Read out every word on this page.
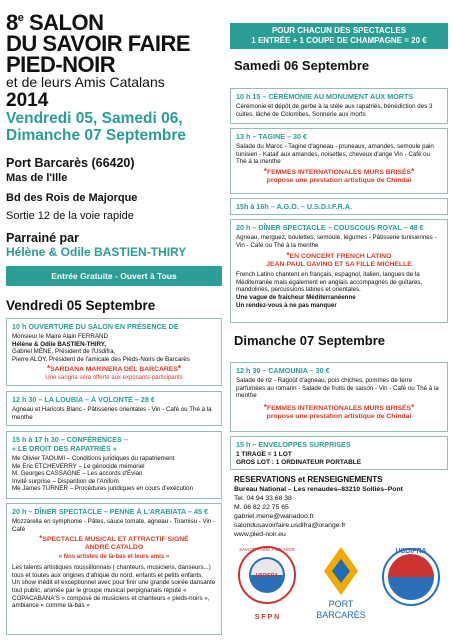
8e SALON
DU SAVOIR FAIRE
PIED-NOIR
et de leurs Amis Catalans
2014
Vendredi 05, Samedi 06,
Dimanche 07 Septembre
Port Barcarès (66420)
Mas de l'Ille
Bd des Rois de Majorque
Sortie 12 de la voie rapide
Parrainé par
Hélène & Odile BASTIEN-THIRY
Entrée Gratuite - Ouvert à Tous
Vendredi 05 Septembre
10 h OUVERTURE DU SALON EN PRÉSENCE DE
Monsieur le Maire Alain FERRAND
Hélène & Odile BASTIEN-THIRY,
Gabriel MÈNE, Président de l'Usdifra,
Pierre ALOY, Président de l'amicale des Pieds-Noirs de Barcarès
*SARDANA MARINERA DEL BARCARES*
Une sangria sera offerte aux exposants-participants
12 h 30 – LA LOUBIA – À VOLONTÉ – 28 €
Agneau et Haricots Blanc - Pâtisseries orientales - Vin - Café ou Thé à la menthe
15 h à 17 h 30 – CONFÉRENCES –
« LE DROIT DES RAPATRIÉS »
Me Olivier TAOUMI – Conditions juridiques du rapatriement
Me Eric ETCHEVERRY – Le génocide mémoriel
M. Georges CASSAGNE – Les accords d'Évian
Invité surprise – Disparition de l'Anifom
Me James TURNER – Procédures juridiques en cours d'exécution
20 h – DÎNER SPECTACLE – PENNE À L'ARABIATA – 45 €
Mozzarella en symphonie - Pâtes, sauce tomate, agneau - Tiramisu - Vin - Café
*SPECTACLE MUSICAL ET ATTRACTIF SIGNÉ
ANDRÉ CATALDO
« Nos artistes de là-bas et leurs amis »
Les talents artistiques roussillonnais ( chanteurs, musiciens, danseurs...) tous et toutes aux origines d'afrique du nord, enfants et petits enfants.
Un show inédit et exceptionnel avec pour finir une grande soirée dansante tout public, animée par le groupe musical perpignanais réputé « COPACABANA'S » composé de musiciens et chanteurs « pieds-noirs », ambiance « comme là-bas »
POUR CHACUN DES SPECTACLES
1 ENTRÉE + 1 COUPE DE CHAMPAGNE = 20 €
Samedi 06 Septembre
10 h 15 – CÉRÉMONIE AU MONUMENT AUX MORTS
Cérémonie et dépôt de gerbe à la stèle aux rapatriés, bénédiction des 3 cuites, lâché de Colombes, Sonnerie aux morts
13 h – TAGINE – 30 €
Salade du Maroc - Tagine d'agneau - pruneaux, amandes, semoule pain tunisien - Kataif aux amandes, noisettes, cheveux d'ange Vin - Café ou Thé à la menthe
*FEMMES INTERNATIONALES MURS BRISÉS*
propose une prestation artistique de Chindaï
15h à 16h – A.G.O. – U.S.D.I.F.R.A.
20 h – DÎNER SPECTACLE – COUSCOUS ROYAL – 48 €
Agneau, merguez, boulettes, semoule, légumes - Pâtisserie tunisiennes - Vin - Café ou Thé à la menthe
*EN CONCERT FRENCH LATINO
JEAN-PAUL GAVINO ET SA FILLE MICHELLE
French Latino chantent en français, espagnol, italien, langues de la Méditerranée mais également en anglais accompagnés de guitares, mandolines, percussions latines et orientales.
Une vague de fraîcheur Méditerranéenne
Un rendez-vous à ne pas manquer
Dimanche 07 Septembre
12 h 30 – CAMOUNIA – 30 €
Salade de riz - Ragoût d'agneau, pois chiches, pommes de terre parfumées au romarin - Salade de fruits de saison - Vin - Café ou Thé à la menthe
*FEMMES INTERNATIONALES MURS BRISÉS*
propose une prestation artistique de Chindaï
15 h – ENVELOPPES SURPRISES
1 TIRAGE = 1 LOT
GROS LOT : 1 ORDINATEUR PORTABLE
RESERVATIONS et RENSEIGNEMENTS
Bureau National – Les renaudes–83210 Solliès–Pont
Tel. 04 94 33 68 38
M. 06 82 22 75 65
gabriel.mene@wanadoo.fr
salondusavoirfaire.usdifra@orange.fr
www.pied-noir.eu
SAVOIR FAIRE PIED-NOIR
USDIFRA
S F P N
PORT
BARCARÈS
USDIFRA
